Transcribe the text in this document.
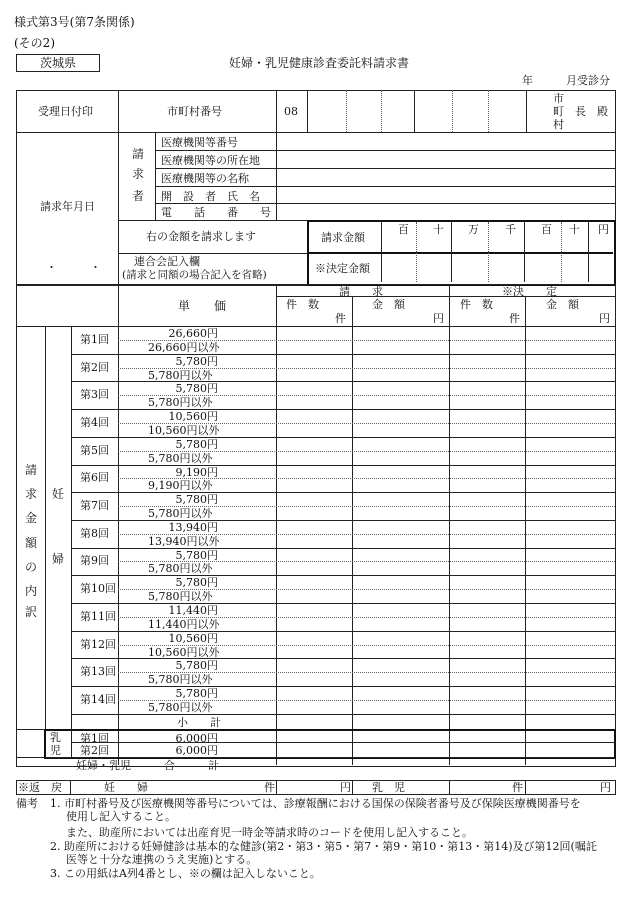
様式第3号(第7条関係)
(その2)
茨城県	妊婦・乳児健康診査委託料請求書
年　　　月受診分
受理日付印	市町村番号	08
市
町　長　殿
村
請
求
者
医療機関等番号
医療機関等の所在地
医療機関等の名称
開　設　者　氏　名
電　　話　　番　　号
請求年月日
・　　　・
右の金額を請求します
連合会記入欄
(請求と同額の場合記入を省略)
請求金額
※決定金額
百 十 万 千 百 十 円
請　　求	※決　　定
単　　価	件　数
件
金　額
円
件　数
件
金　額
円
請
求
金
額
の
内
訳
妊
婦
第1回	26,660円
26,660円以外
第2回	5,780円
5,780円以外
第3回	5,780円
5,780円以外
第4回	10,560円
10,560円以外
第5回	5,780円
5,780円以外
第6回	9,190円
9,190円以外
第7回	5,780円
5,780円以外
第8回	13,940円
13,940円以外
第9回	5,780円
5,780円以外
第10回	5,780円
5,780円以外
第11回	11,440円
11,440円以外
第12回	10,560円
10,560円以外
第13回	5,780円
5,780円以外
第14回	5,780円
5,780円以外
小　　計
乳
児
第1回	6,000円
第2回	6,000円
妊婦・乳児　　　合　　　計
※返　戻	妊　　婦	件	円 乳　児	件	円
備考 1. 市町村番号及び医療機関等番号については、診療報酬における国保の保険者番号及び保険医療機関番号を
使用し記入すること。
また、助産所においては出産育児一時金等請求時のコードを使用し記入すること。
2. 助産所における妊婦健診は基本的な健診(第2・第3・第5・第7・第9・第10・第13・第14)及び第12回(嘱託
医等と十分な連携のうえ実施)とする。
3. この用紙はA列4番とし、※の欄は記入しないこと。
